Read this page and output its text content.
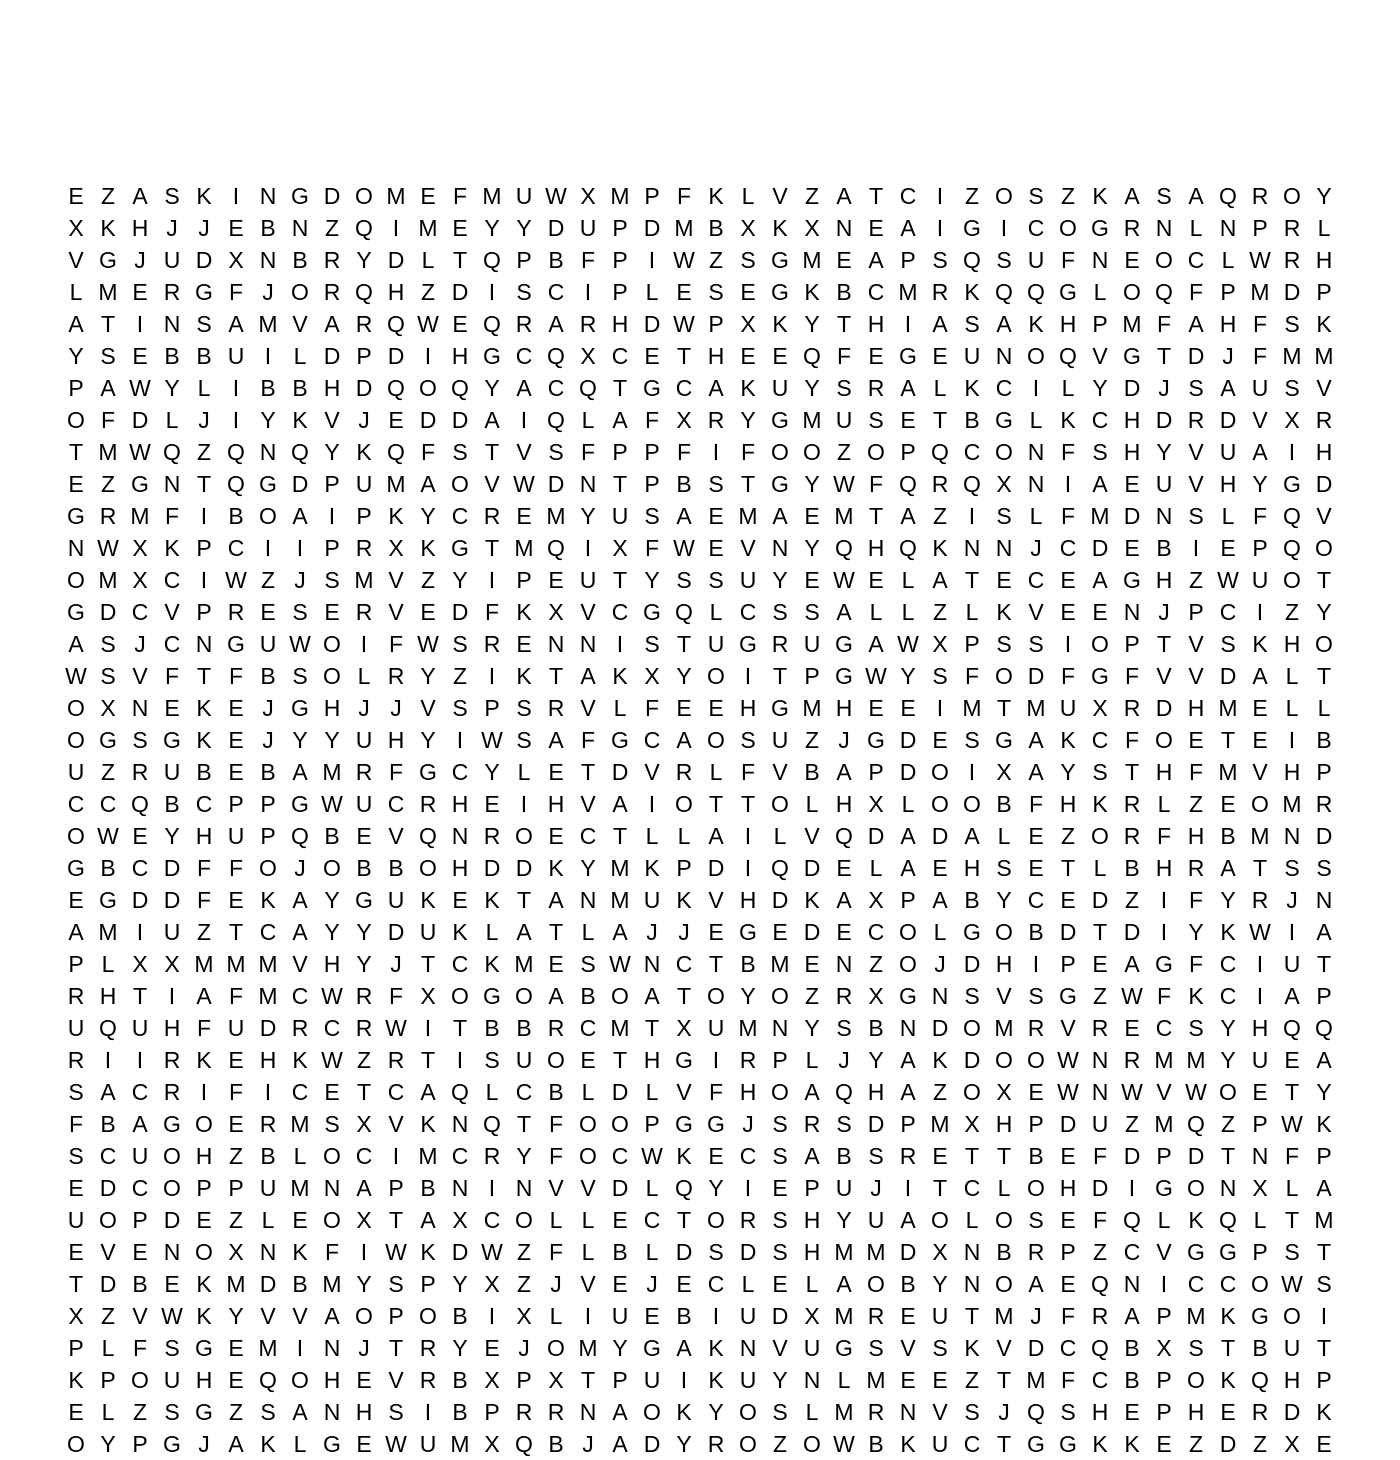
E Z A S K I N G D O M E F M U W X M P F K L V Z A T C I Z O S Z K A S A Q R O Y
X K H J J E B N Z Q I M E Y Y D U P D M B X K X N E A I G I C O G R N L N P R L
V G J U D X N B R Y D L T Q P B F P I W Z S G M E A P S Q S U F N E O C L W R H
L M E R G F J O R Q H Z D I S C I P L E S E G K B C M R K Q Q G L O Q F P M D P
A T I N S A M V A R Q W E Q R A R H D W P X K Y T H I A S A K H P M F A H F S K
Y S E B B U I L D P D I H G C Q X C E T H E E Q F E G E U N O Q V G T D J F M M
P A W Y L I B B H D Q O Q Y A C Q T G C A K U Y S R A L K C I L Y D J S A U S V
O F D L J	I Y K V J E D D A I Q L A F X R Y G M U S E T B G L K C H D R D V X R
T M W Q Z Q N Q Y K Q F S T V S F P P F I F O O Z O P Q C O N F S H Y V U A I H
E Z G N T Q G D P U M A O V W D N T P B S T G Y W F Q R Q X N I A E U V H Y G D
G R M F I B O A I P K Y C R E M Y U S A E M A E M T A Z I S L F M D N S L F Q V
N W X K P C I	I P R X K G T M Q I X F W E V N Y Q H Q K N N J C D E B I E P Q O
O M X C I W Z J S M V Z Y I P E U T Y S S U Y E W E L A T E C E A G H Z W U O T
G D C V P R E S E R V E D F K X V C G Q L C S S A L L Z L K V E E N J P C I Z Y
A S J C N G U W O I F W S R E N N I S T U G R U G A W X P S S I O P T V S K H O
W S V F T F B S O L R Y Z I K T A K X Y O I T P G W Y S F O D F G F V V D A L T
O X N E K E J G H J J V S P S R V L F E E H G M H E E I M T M U X R D H M E L L
O G S G K E J Y Y U H Y I W S A F G C A O S U Z J G D E S G A K C F O E T E I B
U Z R U B E B A M R F G C Y L E T D V R L F V B A P D O I X A Y S T H F M V H P
C C Q B C P P G W U C R H E I H V A I O T T O L H X L O O B F H K R L Z E O M R
O W E Y H U P Q B E V Q N R O E C T L L A I L V Q D A D A L E Z O R F H B M N D
G B C D F F O J O B B O H D D K Y M K P D I Q D E L A E H S E T L B H R A T S S
E G D D F E K A Y G U K E K T A N M U K V H D K A X P A B Y C E D Z I F Y R J N
A M I U Z T C A Y Y D U K L A T L A J J E G E D E C O L G O B D T D I Y K W I A
P L X X M M M V H Y J T C K M E S W N C T B M E N Z O J D H I P E A G F C I U T
R H T I A F M C W R F X O G O A B O A T O Y O Z R X G N S V S G Z W F K C I A P
U Q U H F U D R C R W I T B B R C M T X U M N Y S B N D O M R V R E C S Y H Q Q
R I	I R K E H K W Z R T I S U O E T H G I R P L J Y A K D O O W N R M M Y U E A
S A C R I F I C E T C A Q L C B L D L V F H O A Q H A Z O X E W N W V W O E T Y
F B A G O E R M S X V K N Q T F O O P G G J S R S D P M X H P D U Z M Q Z P W K
S C U O H Z B L O C I M C R Y F O C W K E C S A B S R E T T B E F D P D T N F P
E D C O P P U M N A P B N I N V V D L Q Y I E P U J	I T C L O H D I G O N X L A
U O P D E Z L E O X T A X C O L L E C T O R S H Y U A O L O S E F Q L K Q L T M
E V E N O X N K F I W K D W Z F L B L D S D S H M M D X N B R P Z C V G G P S T
T D B E K M D B M Y S P Y X Z J V E J E C L E L A O B Y N O A E Q N I C C O W S
X Z V W K Y V V A O P O B I X L I U E B I U D X M R E U T M J F R A P M K G O I
P L F S G E M I N J T R Y E J O M Y G A K N V U G S V S K V D C Q B X S T B U T
K P O U H E Q O H E V R B X P X T P U I K U Y N L M E E Z T M F C B P O K Q H P
E L Z S G Z S A N H S I B P R R N A O K Y O S L M R N V S J Q S H E P H E R D K
O Y P G J A K L G E W U M X Q B J A D Y R O Z O W B K U C T G G K K E Z D Z X E
